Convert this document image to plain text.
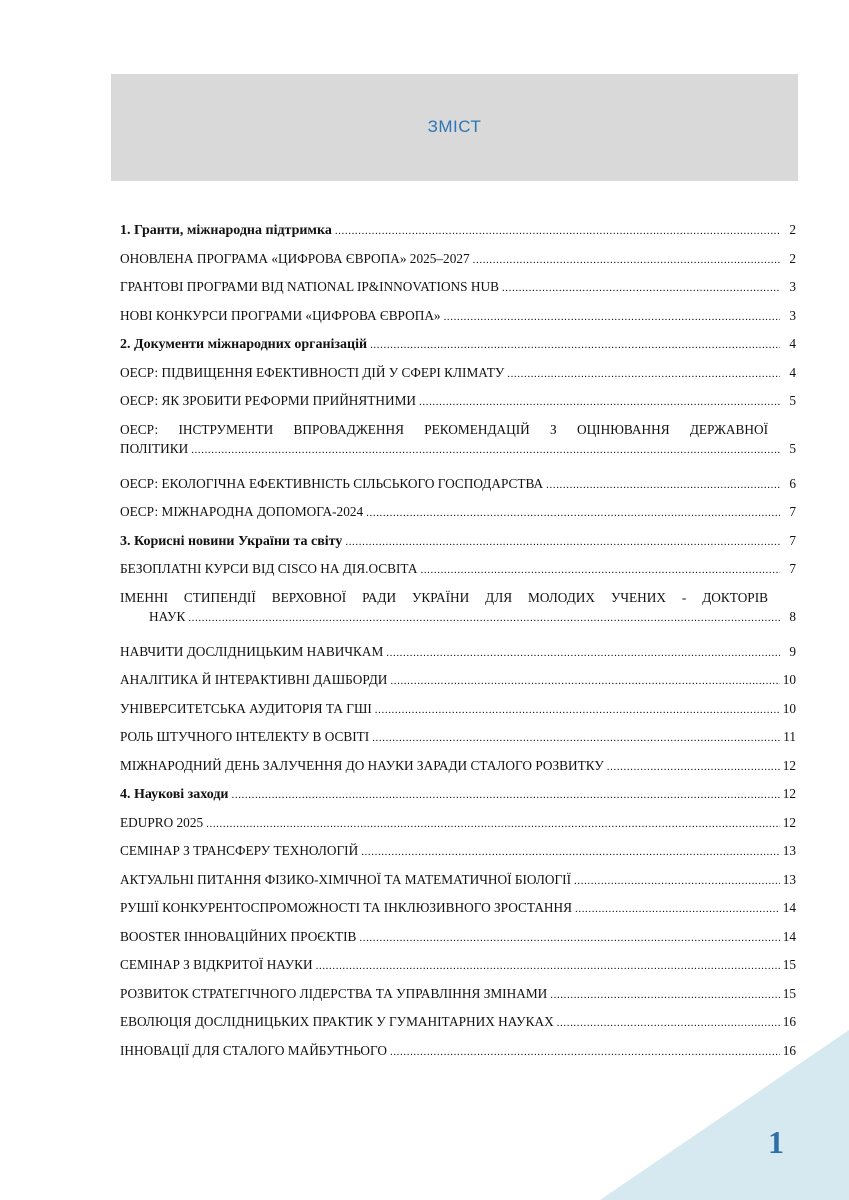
ЗМІСТ
1. Гранти, міжнародна підтримка .....	2
ОНОВЛЕНА ПРОГРАМА «ЦИФРОВА ЄВРОПА» 2025–2027 .....	2
ГРАНТОВІ ПРОГРАМИ ВІД NATIONAL IP&INNOVATIONS HUB .....	3
НОВІ КОНКУРСИ ПРОГРАМИ «ЦИФРОВА ЄВРОПА» .....	3
2. Документи міжнародних організацій .....	4
ОЕСР: ПІДВИЩЕННЯ ЕФЕКТИВНОСТІ ДІЙ У СФЕРІ КЛІМАТУ .....	4
ОЕСР: ЯК ЗРОБИТИ РЕФОРМИ ПРИЙНЯТНИМИ .....	5
ОЕСР: ІНСТРУМЕНТИ ВПРОВАДЖЕННЯ РЕКОМЕНДАЦІЙ З ОЦІНЮВАННЯ ДЕРЖАВНОЇ
ПОЛІТИКИ .....	5
ОЕСР: ЕКОЛОГІЧНА ЕФЕКТИВНІСТЬ СІЛЬСЬКОГО ГОСПОДАРСТВА .....	6
ОЕСР: МІЖНАРОДНА ДОПОМОГА-2024 .....	7
3. Корисні новини України та світу .....	7
БЕЗОПЛАТНІ КУРСИ ВІД CISCO НА ДІЯ.ОСВІТА .....	7
ІМЕННІ СТИПЕНДІЇ ВЕРХОВНОЇ РАДИ УКРАЇНИ ДЛЯ МОЛОДИХ УЧЕНИХ - ДОКТОРІВ
НАУК .....	8
НАВЧИТИ ДОСЛІДНИЦЬКИМ НАВИЧКАМ .....	9
АНАЛІТИКА Й ІНТЕРАКТИВНІ ДАШБОРДИ .....	10
УНІВЕРСИТЕТСЬКА АУДИТОРІЯ ТА ГШІ .....	10
РОЛЬ ШТУЧНОГО ІНТЕЛЕКТУ В ОСВІТІ .....	11
МІЖНАРОДНИЙ ДЕНЬ ЗАЛУЧЕННЯ ДО НАУКИ ЗАРАДИ СТАЛОГО РОЗВИТКУ .....	12
4. Наукові заходи .....	12
EDUPRO 2025 .....	12
СЕМІНАР З ТРАНСФЕРУ ТЕХНОЛОГІЙ .....	13
АКТУАЛЬНІ ПИТАННЯ ФІЗИКО-ХІМІЧНОЇ ТА МАТЕМАТИЧНОЇ БІОЛОГІЇ .....	13
РУШІЇ КОНКУРЕНТОСПРОМОЖНОСТІ ТА ІНКЛЮЗИВНОГО ЗРОСТАННЯ .....	14
BOOSTER ІННОВАЦІЙНИХ ПРОЄКТІВ .....	14
СЕМІНАР З ВІДКРИТОЇ НАУКИ .....	15
РОЗВИТОК СТРАТЕГІЧНОГО ЛІДЕРСТВА ТА УПРАВЛІННЯ ЗМІНАМИ .....	15
ЕВОЛЮЦІЯ ДОСЛІДНИЦЬКИХ ПРАКТИК У ГУМАНІТАРНИХ НАУКАХ .....	16
ІННОВАЦІЇ ДЛЯ СТАЛОГО МАЙБУТНЬОГО .....	16
1
